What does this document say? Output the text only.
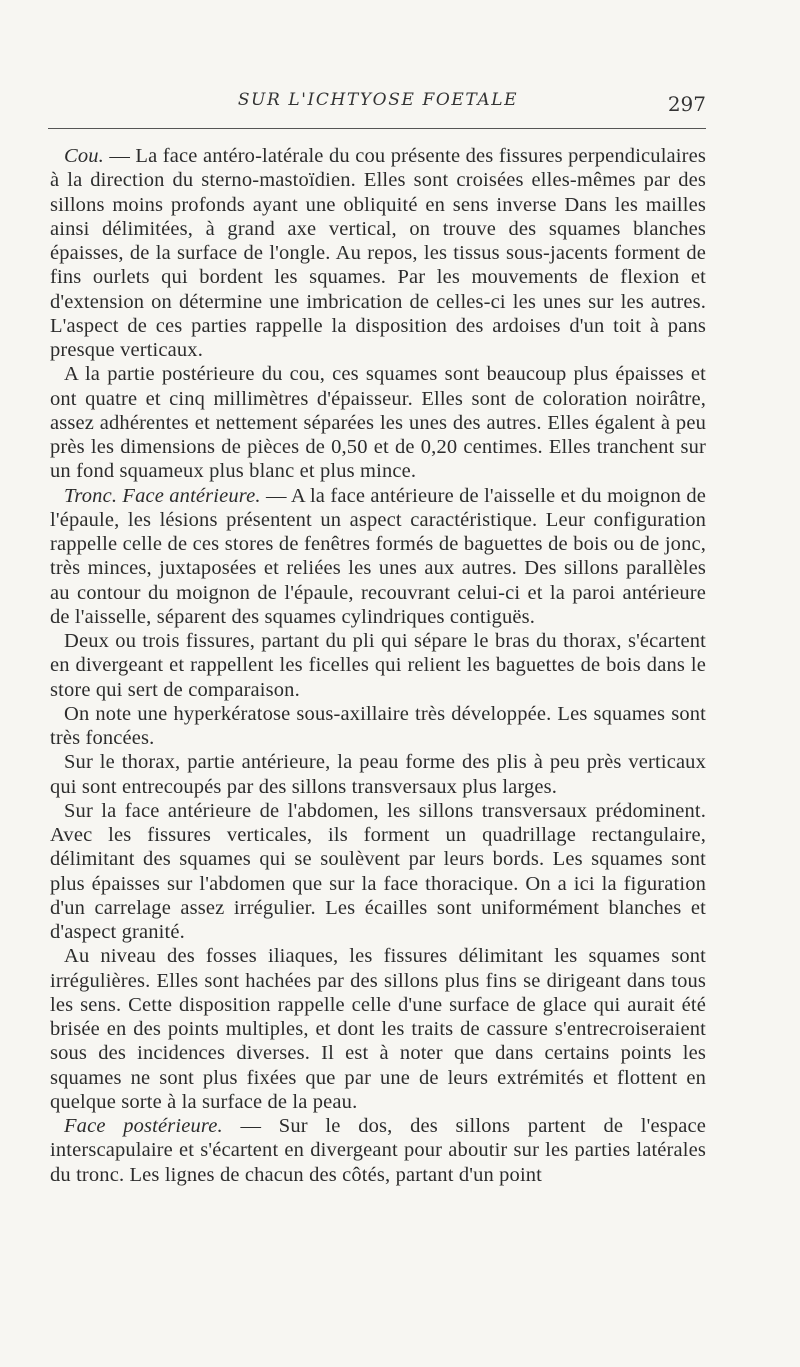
SUR L'ICHTYOSE FOETALE	297

Cou. — La face antéro-latérale du cou présente des fissures perpendiculaires à la direction du sterno-mastoïdien. Elles sont croisées elles-mêmes par des sillons moins profonds ayant une obliquité en sens inverse Dans les mailles ainsi délimitées, à grand axe vertical, on trouve des squames blanches épaisses, de la surface de l'ongle. Au repos, les tissus sous-jacents forment de fins ourlets qui bordent les squames. Par les mouvements de flexion et d'extension on détermine une imbrication de celles-ci les unes sur les autres. L'aspect de ces parties rappelle la disposition des ardoises d'un toit à pans presque verticaux.

A la partie postérieure du cou, ces squames sont beaucoup plus épaisses et ont quatre et cinq millimètres d'épaisseur. Elles sont de coloration noirâtre, assez adhérentes et nettement séparées les unes des autres. Elles égalent à peu près les dimensions de pièces de 0,50 et de 0,20 centimes. Elles tranchent sur un fond squameux plus blanc et plus mince.

Tronc. Face antérieure. — A la face antérieure de l'aisselle et du moignon de l'épaule, les lésions présentent un aspect caractéristique. Leur configuration rappelle celle de ces stores de fenêtres formés de baguettes de bois ou de jonc, très minces, juxtaposées et reliées les unes aux autres. Des sillons parallèles au contour du moignon de l'épaule, recouvrant celui-ci et la paroi antérieure de l'aisselle, séparent des squames cylindriques contiguës.

Deux ou trois fissures, partant du pli qui sépare le bras du thorax, s'écartent en divergeant et rappellent les ficelles qui relient les baguettes de bois dans le store qui sert de comparaison.

On note une hyperkératose sous-axillaire très développée. Les squames sont très foncées.

Sur le thorax, partie antérieure, la peau forme des plis à peu près verticaux qui sont entrecoupés par des sillons transversaux plus larges.

Sur la face antérieure de l'abdomen, les sillons transversaux prédominent. Avec les fissures verticales, ils forment un quadrillage rectangulaire, délimitant des squames qui se soulèvent par leurs bords. Les squames sont plus épaisses sur l'abdomen que sur la face thoracique. On a ici la figuration d'un carrelage assez irrégulier. Les écailles sont uniformément blanches et d'aspect granité.

Au niveau des fosses iliaques, les fissures délimitant les squames sont irrégulières. Elles sont hachées par des sillons plus fins se dirigeant dans tous les sens. Cette disposition rappelle celle d'une surface de glace qui aurait été brisée en des points multiples, et dont les traits de cassure s'entrecroiseraient sous des incidences diverses. Il est à noter que dans certains points les squames ne sont plus fixées que par une de leurs extrémités et flottent en quelque sorte à la surface de la peau.

Face postérieure. — Sur le dos, des sillons partent de l'espace interscapulaire et s'écartent en divergeant pour aboutir sur les parties latérales du tronc. Les lignes de chacun des côtés, partant d'un point
